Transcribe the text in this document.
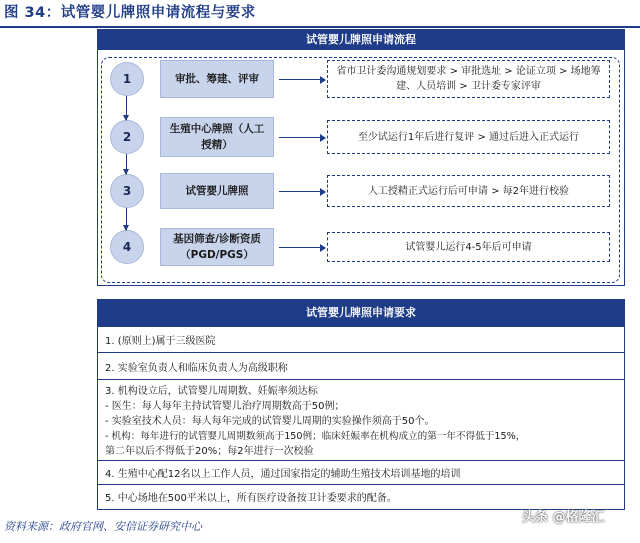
图 34：试管婴儿牌照申请流程与要求
试管婴儿牌照申请流程
1
2
3
4
审批、筹建、评审
生殖中心牌照（人工授精）
试管婴儿牌照
基因筛查/诊断资质（PGD/PGS）
省市卫计委沟通规划要求 > 审批选址 > 论证立项 > 场地筹建、人员培训 > 卫计委专家评审
至少试运行1年后进行复评 > 通过后进入正式运行
人工授精正式运行后可申请 > 每2年进行校验
试管婴儿运行4-5年后可申请
试管婴儿牌照申请要求
1. (原则上)属于三级医院
2. 实验室负责人和临床负责人为高级职称
3. 机构设立后，试管婴儿周期数、妊娠率须达标
- 医生：每人每年主持试管婴儿治疗周期数高于50例；
- 实验室技术人员：每人每年完成的试管婴儿周期的实验操作须高于50个。
- 机构：每年进行的试管婴儿周期数须高于150例；临床妊娠率在机构成立的第一年不得低于15%，
第二年以后不得低于20%；每2年进行一次校验
4. 生殖中心配12名以上工作人员，通过国家指定的辅助生殖技术培训基地的培训
5. 中心场地在500平米以上，所有医疗设备按卫计委要求的配备。
资料来源：政府官网、安信证券研究中心
头条 @格隆汇
